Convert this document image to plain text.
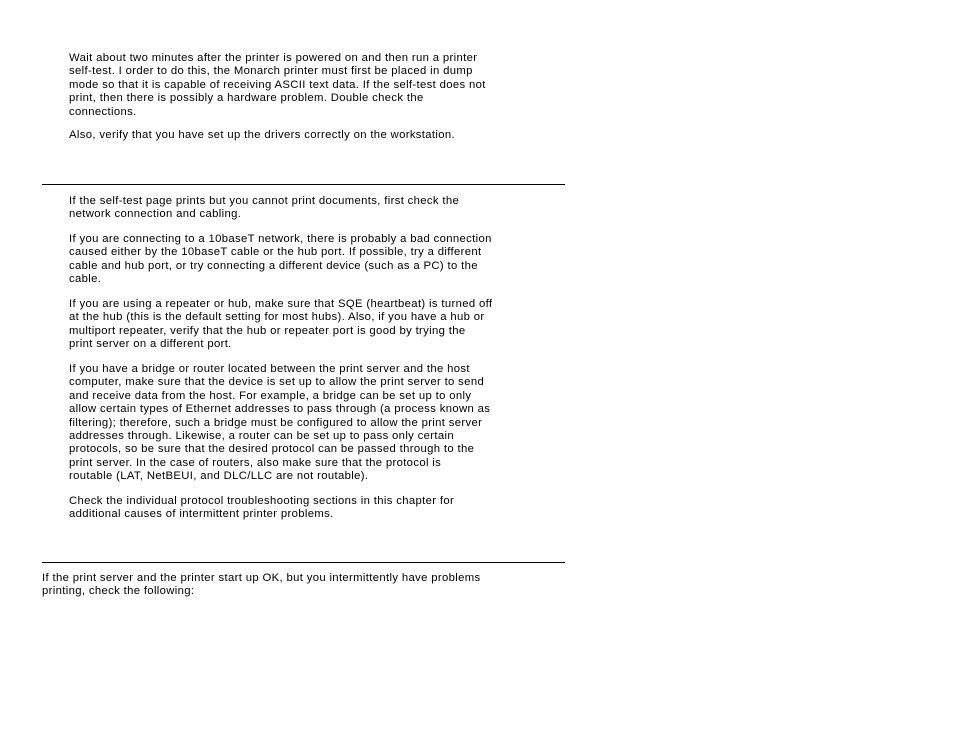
Wait about two minutes after the printer is powered on and then run a printer
self-test. I order to do this, the Monarch printer must first be placed in dump
mode so that it is capable of receiving ASCII text data. If the self-test does not
print, then there is possibly a hardware problem. Double check the
connections.
Also, verify that you have set up the drivers correctly on the workstation.
If the self-test page prints but you cannot print documents, first check the
network connection and cabling.
If you are connecting to a 10baseT network, there is probably a bad connection
caused either by the 10baseT cable or the hub port. If possible, try a different
cable and hub port, or try connecting a different device (such as a PC) to the
cable.
If you are using a repeater or hub, make sure that SQE (heartbeat) is turned off
at the hub (this is the default setting for most hubs). Also, if you have a hub or
multiport repeater, verify that the hub or repeater port is good by trying the
print server on a different port.
If you have a bridge or router located between the print server and the host
computer, make sure that the device is set up to allow the print server to send
and receive data from the host. For example, a bridge can be set up to only
allow certain types of Ethernet addresses to pass through (a process known as
filtering); therefore, such a bridge must be configured to allow the print server
addresses through. Likewise, a router can be set up to pass only certain
protocols, so be sure that the desired protocol can be passed through to the
print server. In the case of routers, also make sure that the protocol is
routable (LAT, NetBEUI, and DLC/LLC are not routable).
Check the individual protocol troubleshooting sections in this chapter for
additional causes of intermittent printer problems.
If the print server and the printer start up OK, but you intermittently have problems
printing, check the following:
